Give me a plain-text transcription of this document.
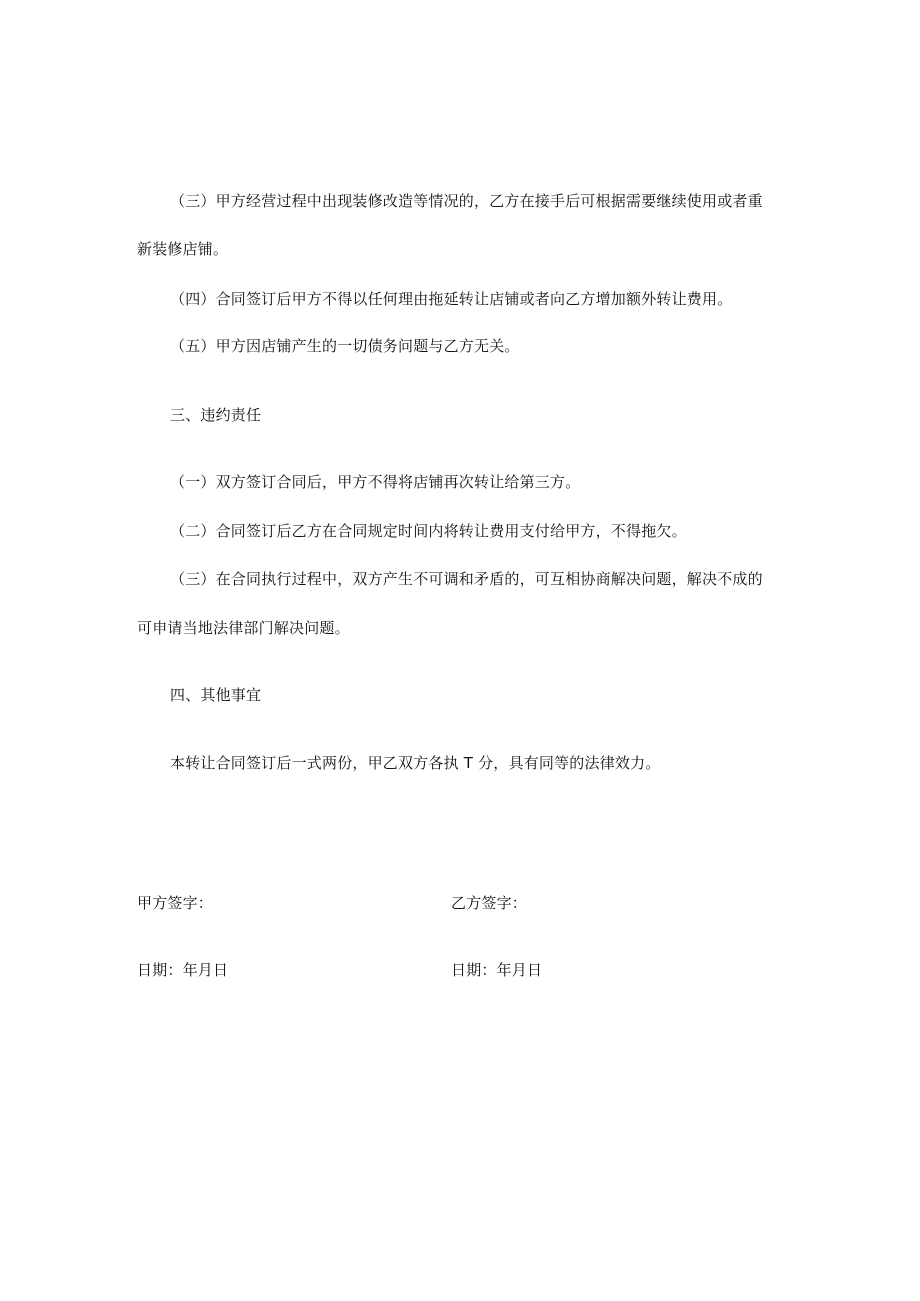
（三）甲方经营过程中出现装修改造等情况的，乙方在接手后可根据需要继续使用或者重
新装修店铺。
（四）合同签订后甲方不得以任何理由拖延转让店铺或者向乙方增加额外转让费用。
（五）甲方因店铺产生的一切债务问题与乙方无关。
三、违约责任
（一）双方签订合同后，甲方不得将店铺再次转让给第三方。
（二）合同签订后乙方在合同规定时间内将转让费用支付给甲方，不得拖欠。
（三）在合同执行过程中，双方产生不可调和矛盾的，可互相协商解决问题，解决不成的
可申请当地法律部门解决问题。
四、其他事宜
本转让合同签订后一式两份，甲乙双方各执 T 分，具有同等的法律效力。
甲方签字：	乙方签字：
日期：年月日	日期：年月日
